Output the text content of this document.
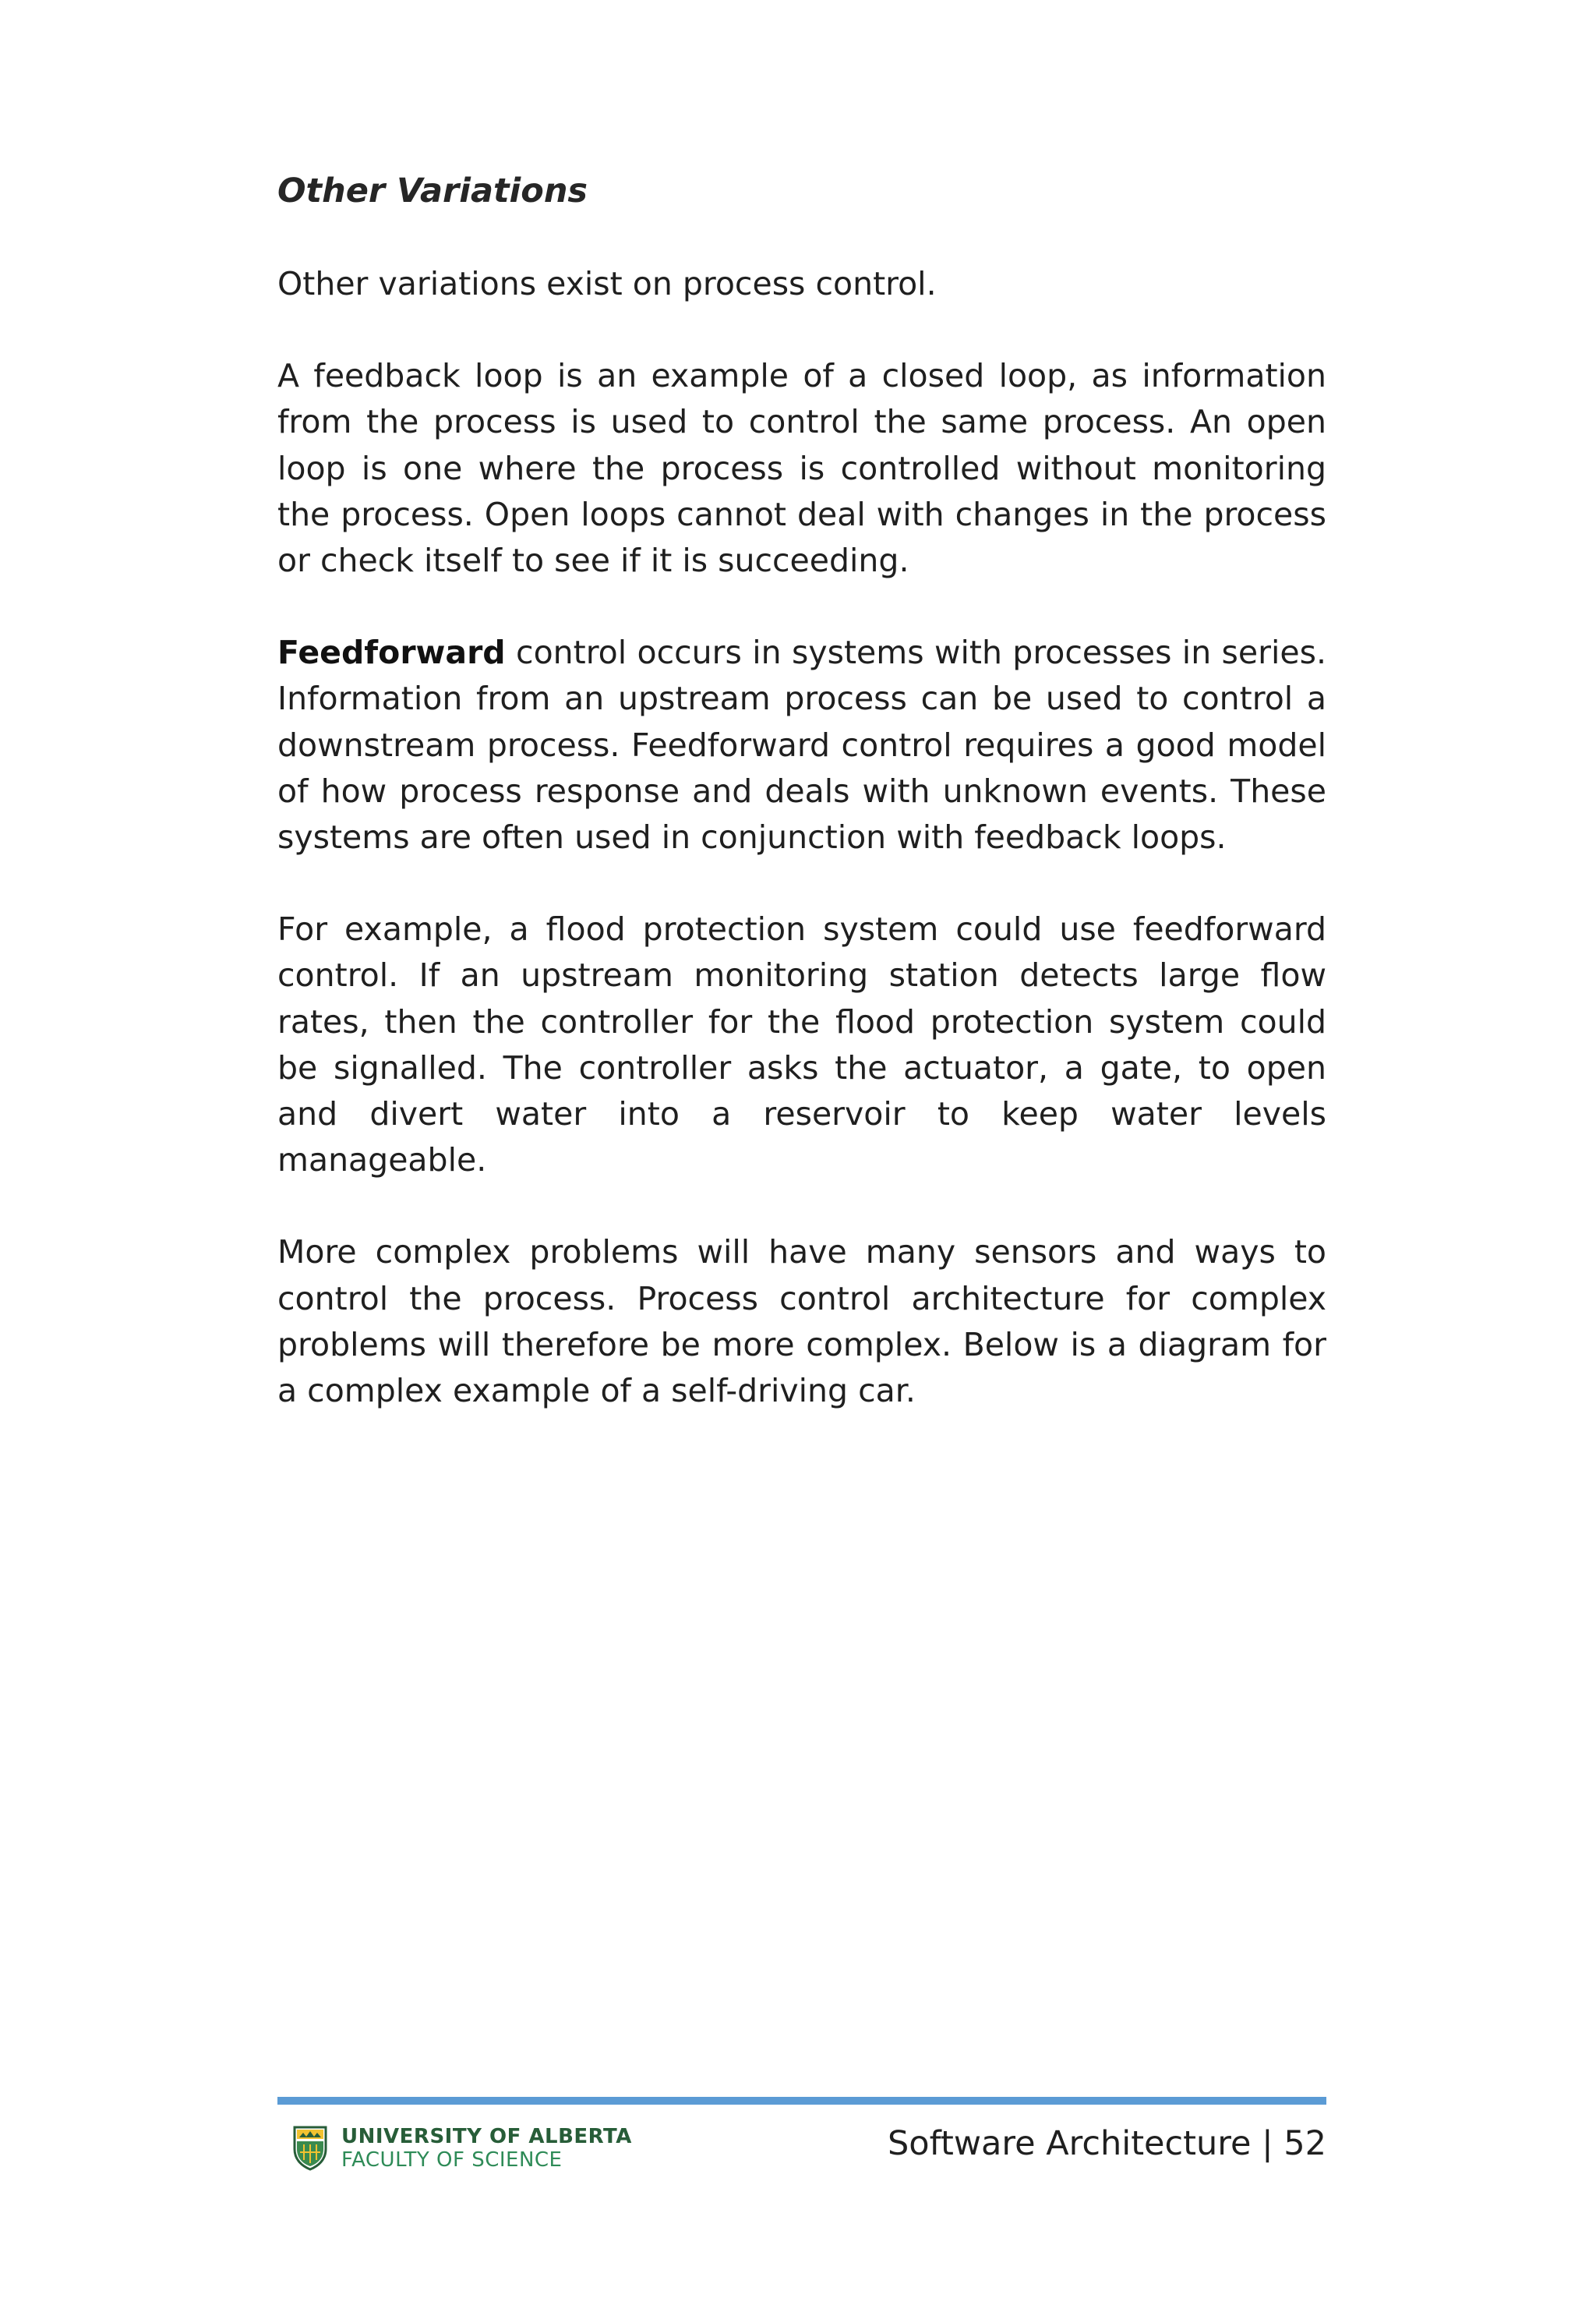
Other Variations

Other variations exist on process control.

A feedback loop is an example of a closed loop, as information from the process is used to control the same process. An open loop is one where the process is controlled without monitoring the process. Open loops cannot deal with changes in the process or check itself to see if it is succeeding.

Feedforward control occurs in systems with processes in series. Information from an upstream process can be used to control a downstream process. Feedforward control requires a good model of how process response and deals with unknown events. These systems are often used in conjunction with feedback loops.

For example, a flood protection system could use feedforward control. If an upstream monitoring station detects large flow rates, then the controller for the flood protection system could be signalled. The controller asks the actuator, a gate, to open and divert water into a reservoir to keep water levels manageable.

More complex problems will have many sensors and ways to control the process. Process control architecture for complex problems will therefore be more complex. Below is a diagram for a complex example of a self-driving car.

UNIVERSITY OF ALBERTA
FACULTY OF SCIENCE	Software Architecture | 52
